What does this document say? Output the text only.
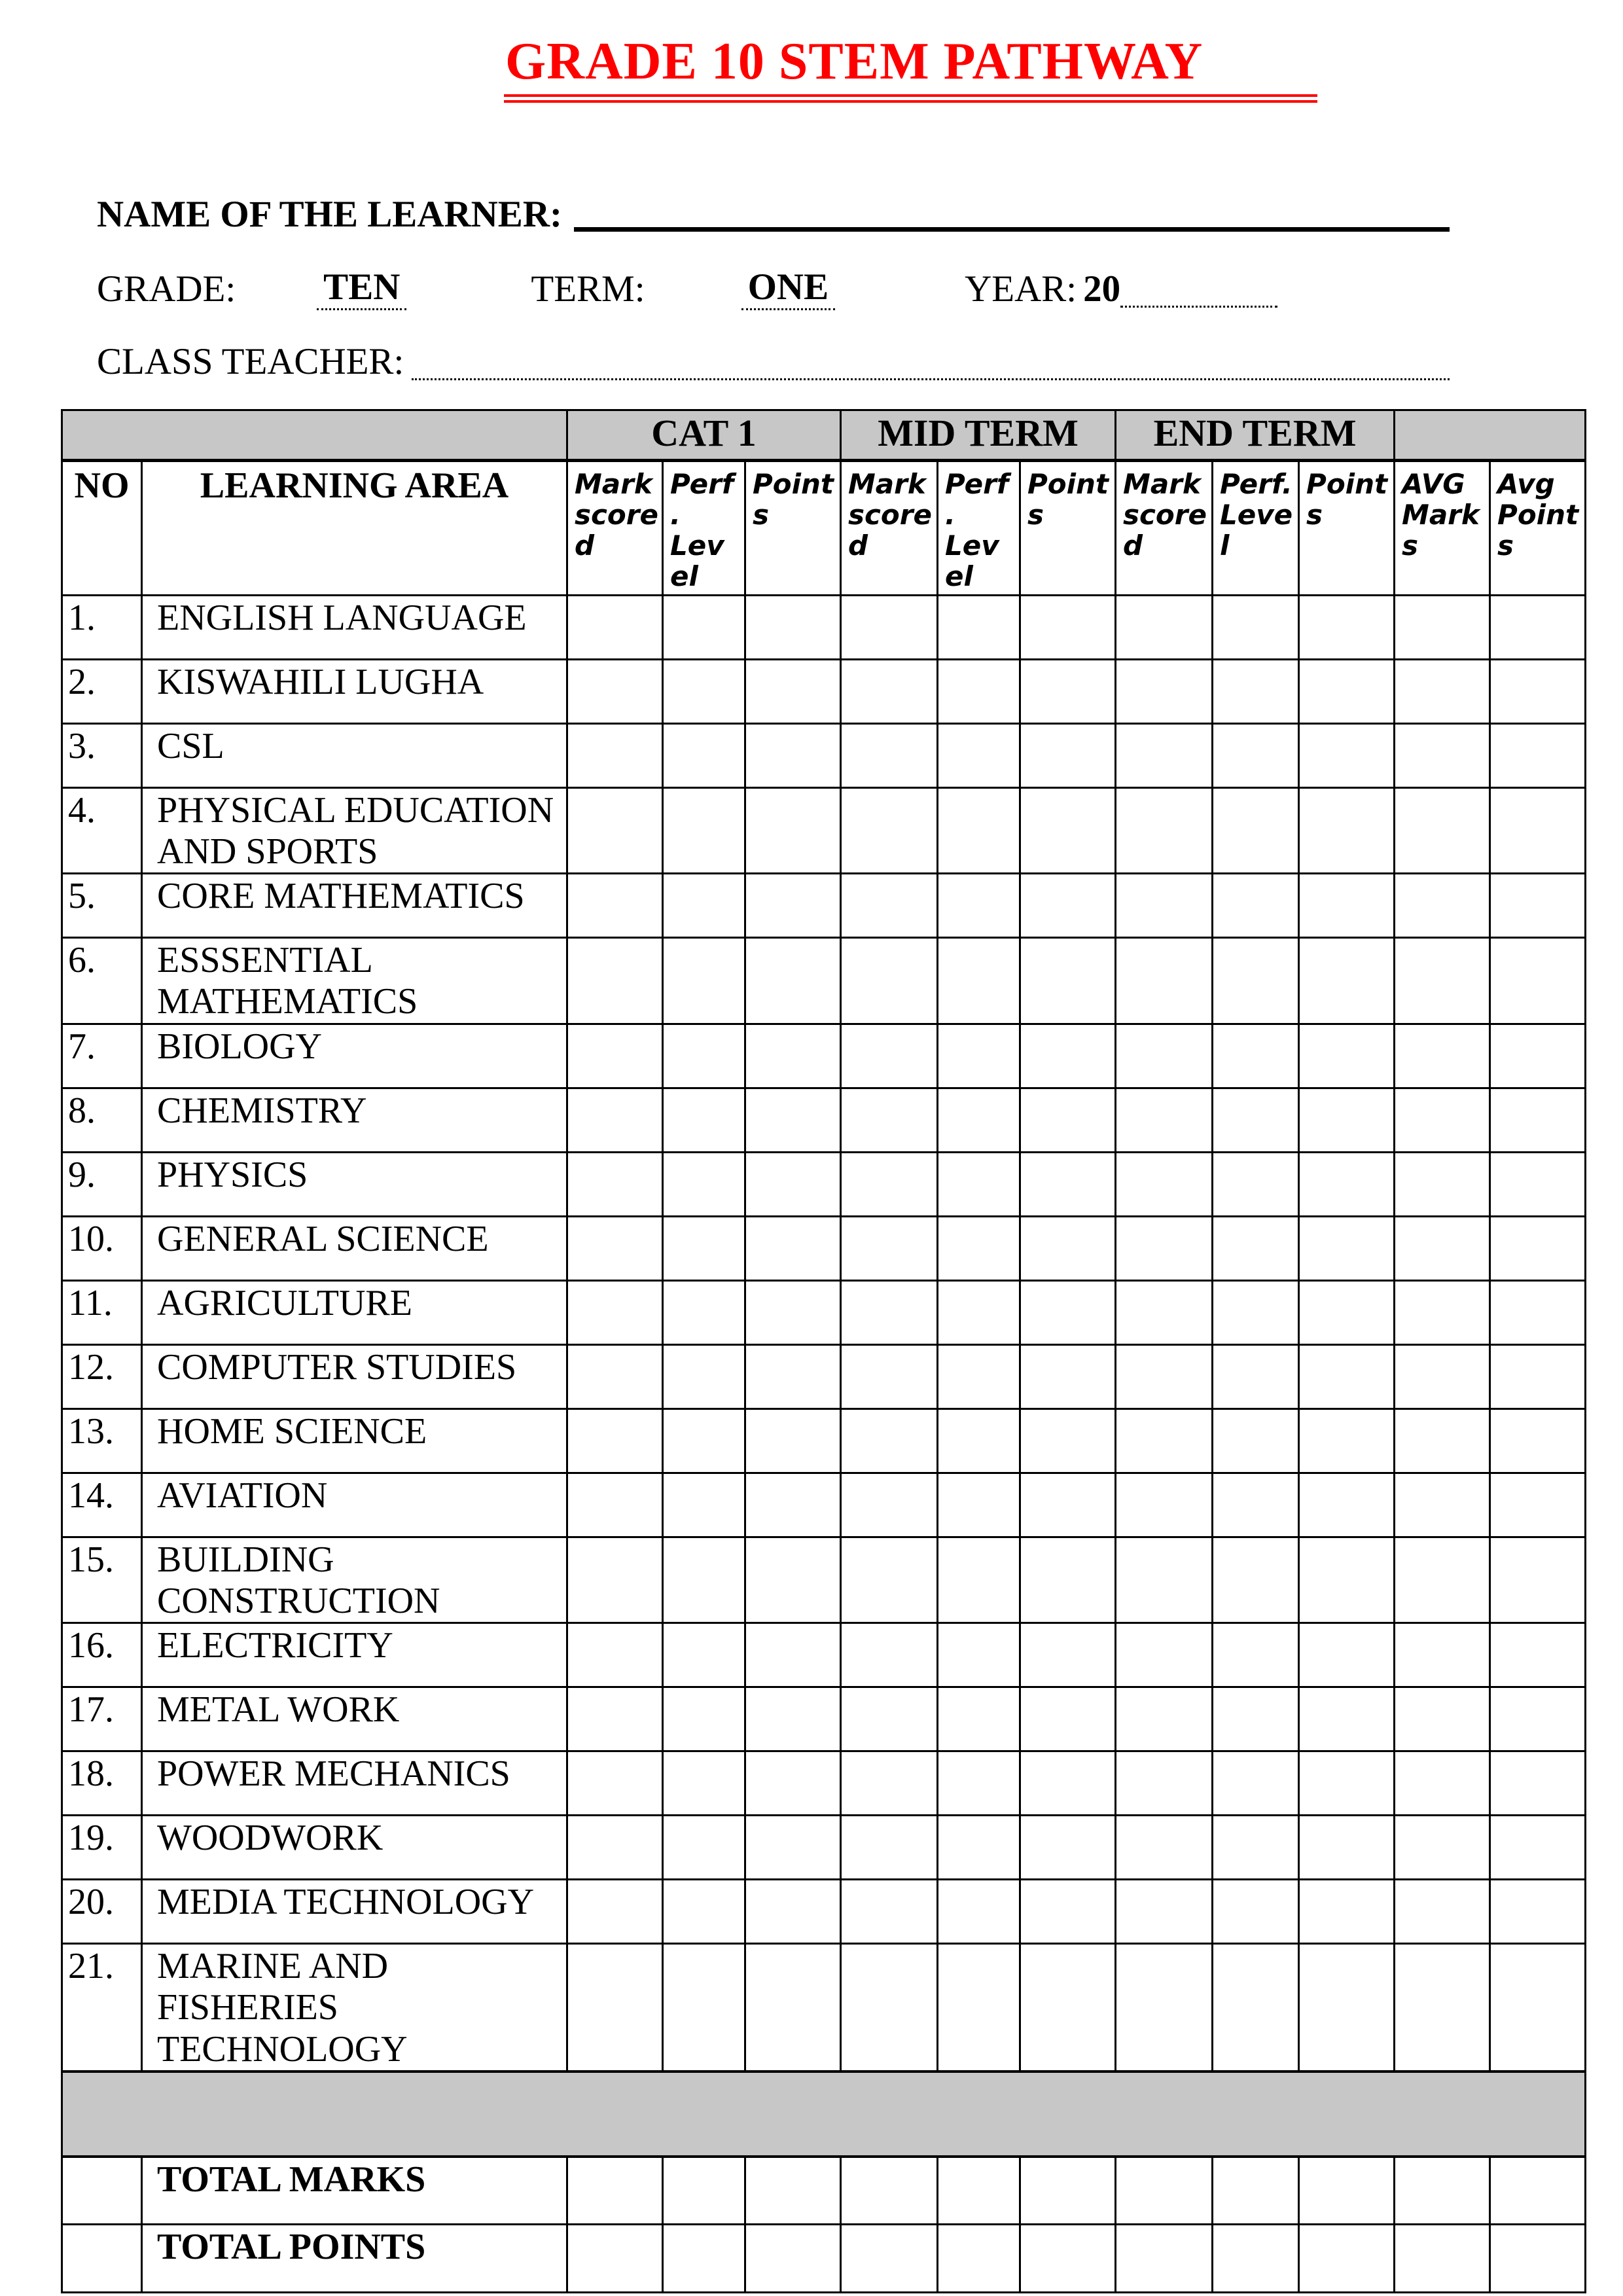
GRADE 10 STEM PATHWAY
NAME OF THE LEARNER:
GRADE: TEN	TERM:	ONE	YEAR: 20
CLASS TEACHER:
		CAT 1			MID TERM			END TERM				
NO	LEARNING AREA	Mark scored	Perf. Level	Points	Mark scored	Perf. Level	Points	Mark scored	Perf. Level	Points	AVG Marks	Avg Points
1.	ENGLISH LANGUAGE											
2.	KISWAHILI LUGHA											
3.	CSL											
4.	PHYSICAL EDUCATION AND SPORTS											
5.	CORE MATHEMATICS											
6.	ESSSENTIAL MATHEMATICS											
7.	BIOLOGY											
8.	CHEMISTRY											
9.	PHYSICS											
10.	GENERAL SCIENCE											
11.	AGRICULTURE											
12.	COMPUTER STUDIES											
13.	HOME SCIENCE											
14.	AVIATION											
15.	BUILDING CONSTRUCTION											
16.	ELECTRICITY											
17.	METAL WORK											
18.	POWER MECHANICS											
19.	WOODWORK											
20.	MEDIA TECHNOLOGY											
21.	MARINE AND FISHERIES TECHNOLOGY											

	TOTAL MARKS											
	TOTAL POINTS											
